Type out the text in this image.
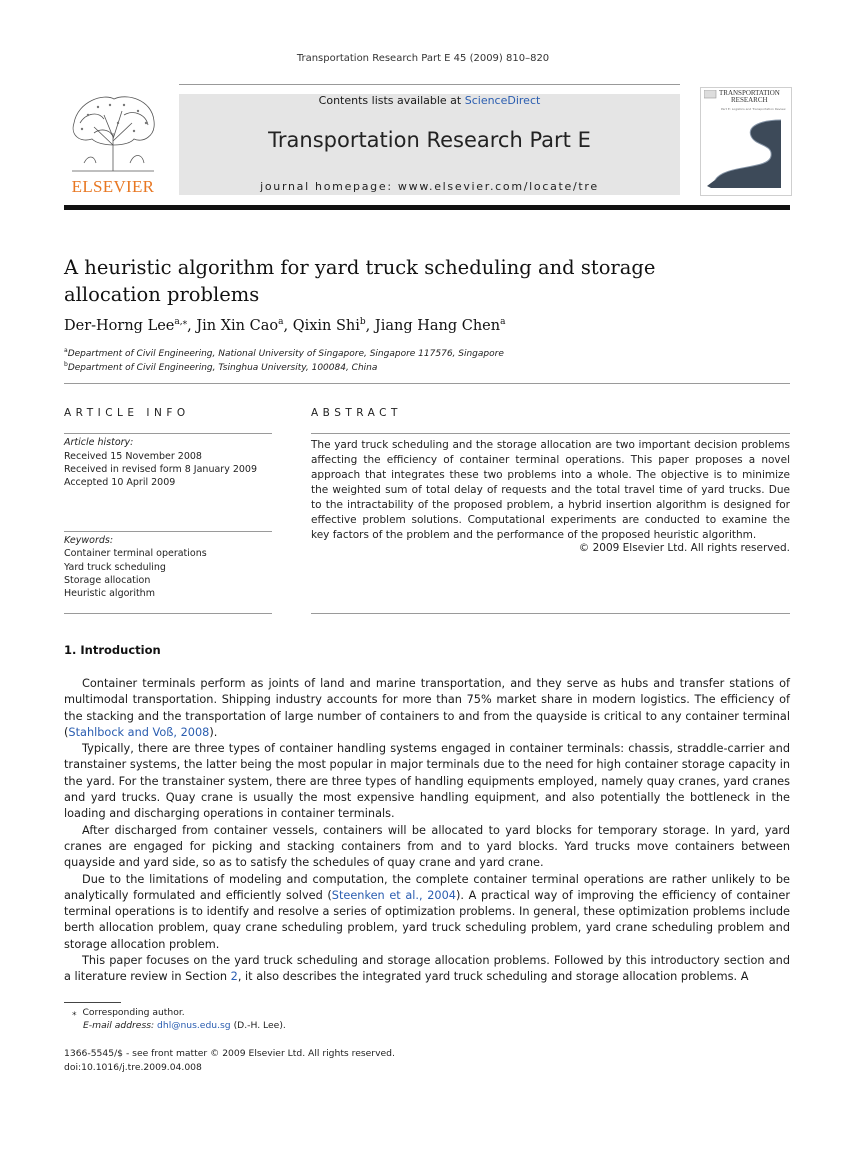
Transportation Research Part E 45 (2009) 810–820
ELSEVIER
Contents lists available at ScienceDirect
Transportation Research Part E
journal homepage: www.elsevier.com/locate/tre
TRANSPORTATION
RESEARCH
Part E: Logistics and Transportation Review
A heuristic algorithm for yard truck scheduling and storage
allocation problems
Der-Horng Lee$^{a,⁎}$, Jin Xin Cao$^a$, Qixin Shi$^b$, Jiang Hang Chen$^a$
$^a$Department of Civil Engineering, National University of Singapore, Singapore 117576, Singapore
$^b$Department of Civil Engineering, Tsinghua University, 100084, China
ARTICLE INFO
Article history:
Received 15 November 2008
Received in revised form 8 January 2009
Accepted 10 April 2009
Keywords:
Container terminal operations
Yard truck scheduling
Storage allocation
Heuristic algorithm
ABSTRACT
The yard truck scheduling and the storage allocation are two important decision problems affecting the efficiency of container terminal operations. This paper proposes a novel approach that integrates these two problems into a whole. The objective is to minimize the weighted sum of total delay of requests and the total travel time of yard trucks. Due to the intractability of the proposed problem, a hybrid insertion algorithm is designed for effective problem solutions. Computational experiments are conducted to examine the key factors of the problem and the performance of the proposed heuristic algorithm.
© 2009 Elsevier Ltd. All rights reserved.
1. Introduction

Container terminals perform as joints of land and marine transportation, and they serve as hubs and transfer stations of multimodal transportation. Shipping industry accounts for more than 75% market share in modern logistics. The efficiency of the stacking and the transportation of large number of containers to and from the quayside is critical to any container terminal (Stahlbock and Voß, 2008).

Typically, there are three types of container handling systems engaged in container terminals: chassis, straddle-carrier and transtainer systems, the latter being the most popular in major terminals due to the need for high container storage capacity in the yard. For the transtainer system, there are three types of handling equipments employed, namely quay cranes, yard cranes and yard trucks. Quay crane is usually the most expensive handling equipment, and also potentially the bottleneck in the loading and discharging operations in container terminals.

After discharged from container vessels, containers will be allocated to yard blocks for temporary storage. In yard, yard cranes are engaged for picking and stacking containers from and to yard blocks. Yard trucks move containers between quayside and yard side, so as to satisfy the schedules of quay crane and yard crane.

Due to the limitations of modeling and computation, the complete container terminal operations are rather unlikely to be analytically formulated and efficiently solved (Steenken et al., 2004). A practical way of improving the efficiency of container terminal operations is to identify and resolve a series of optimization problems. In general, these optimization problems include berth allocation problem, quay crane scheduling problem, yard truck scheduling problem, yard crane scheduling problem and storage allocation problem.

This paper focuses on the yard truck scheduling and storage allocation problems. Followed by this introductory section and a literature review in Section 2, it also describes the integrated yard truck scheduling and storage allocation problems. A

⁎ Corresponding author.
E-mail address: dhl@nus.edu.sg (D.-H. Lee).
1366-5545/$ - see front matter © 2009 Elsevier Ltd. All rights reserved.
doi:10.1016/j.tre.2009.04.008
